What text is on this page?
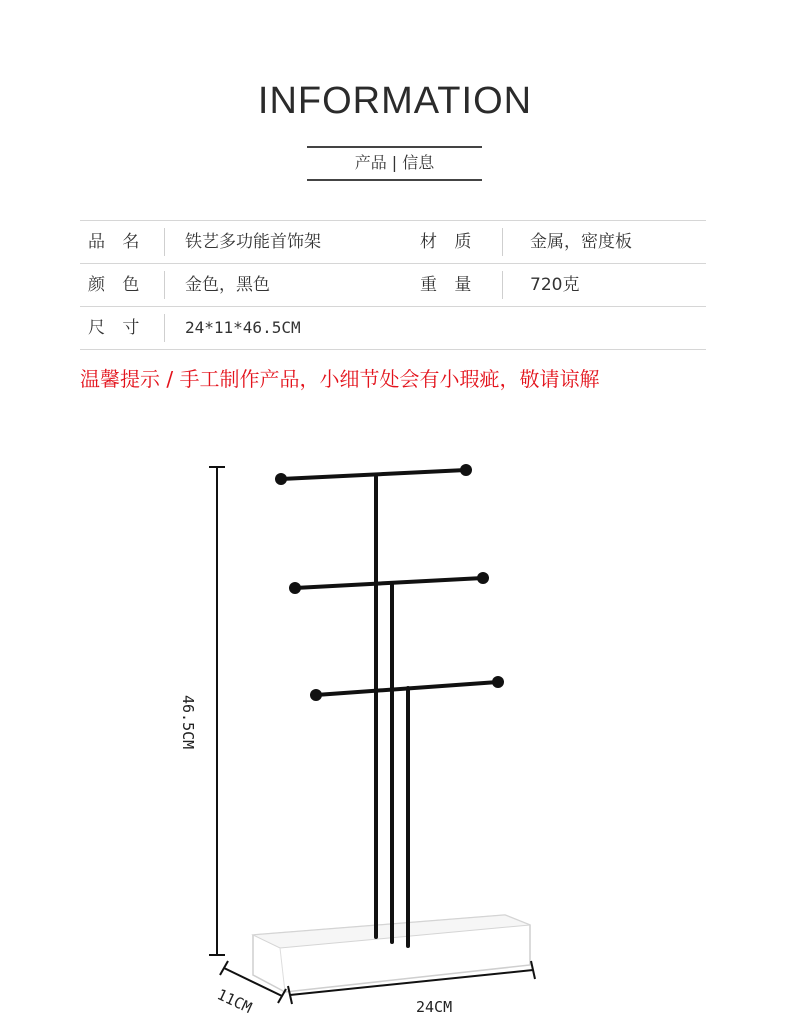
INFORMATION
产品 | 信息
品 名 铁艺多功能首饰架	材 质	金属，密度板
颜 色 金色，黑色	重 量	720克
尺 寸 24*11*46.5CM
温馨提示 / 手工制作产品，小细节处会有小瑕疵，敬请谅解
46.5CM
24CM
11CM
